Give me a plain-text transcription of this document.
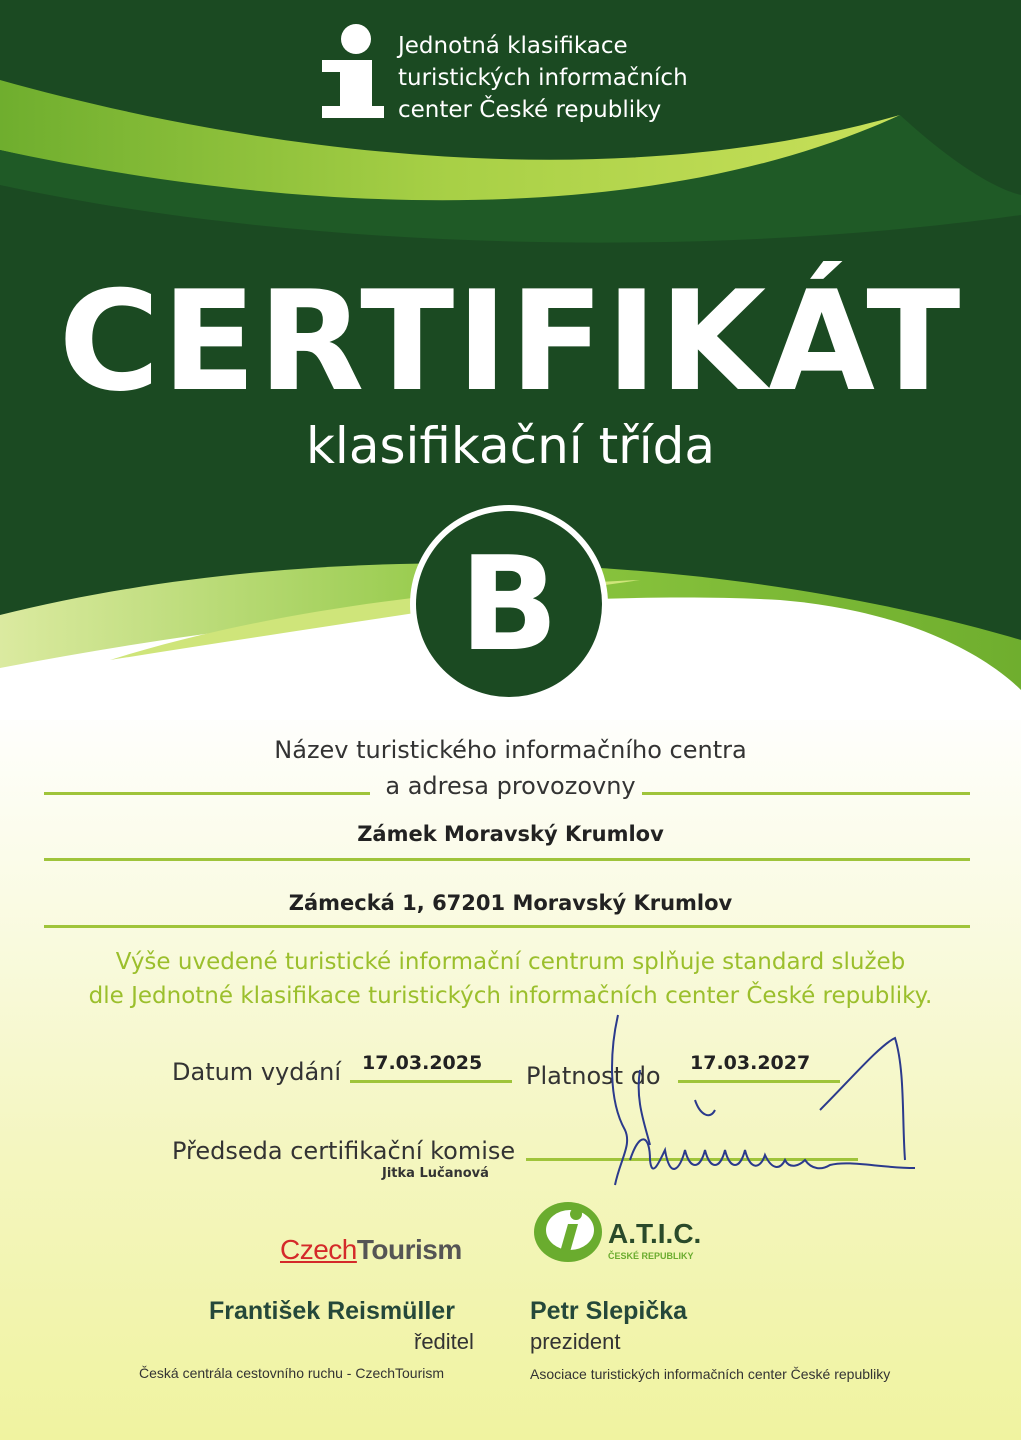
Jednotná klasifikace
turistických informačních
center České republiky
CERTIFIKÁT
klasifikační třída
B
Název turistického informačního centra
a adresa provozovny
Zámek Moravský Krumlov
Zámecká 1, 67201 Moravský Krumlov
Výše uvedené turistické informační centrum splňuje standard služeb
dle Jednotné klasifikace turistických informačních center České republiky.
Datum vydání 17.03.2025 Platnost do 17.03.2027
Předseda certifikační komise
Jitka Lučanová
CzechTourism
A.T.I.C.
ČESKÉ REPUBLIKY
František Reismüller
ředitel
Česká centrála cestovního ruchu - CzechTourism
Petr Slepička
prezident
Asociace turistických informačních center České republiky
